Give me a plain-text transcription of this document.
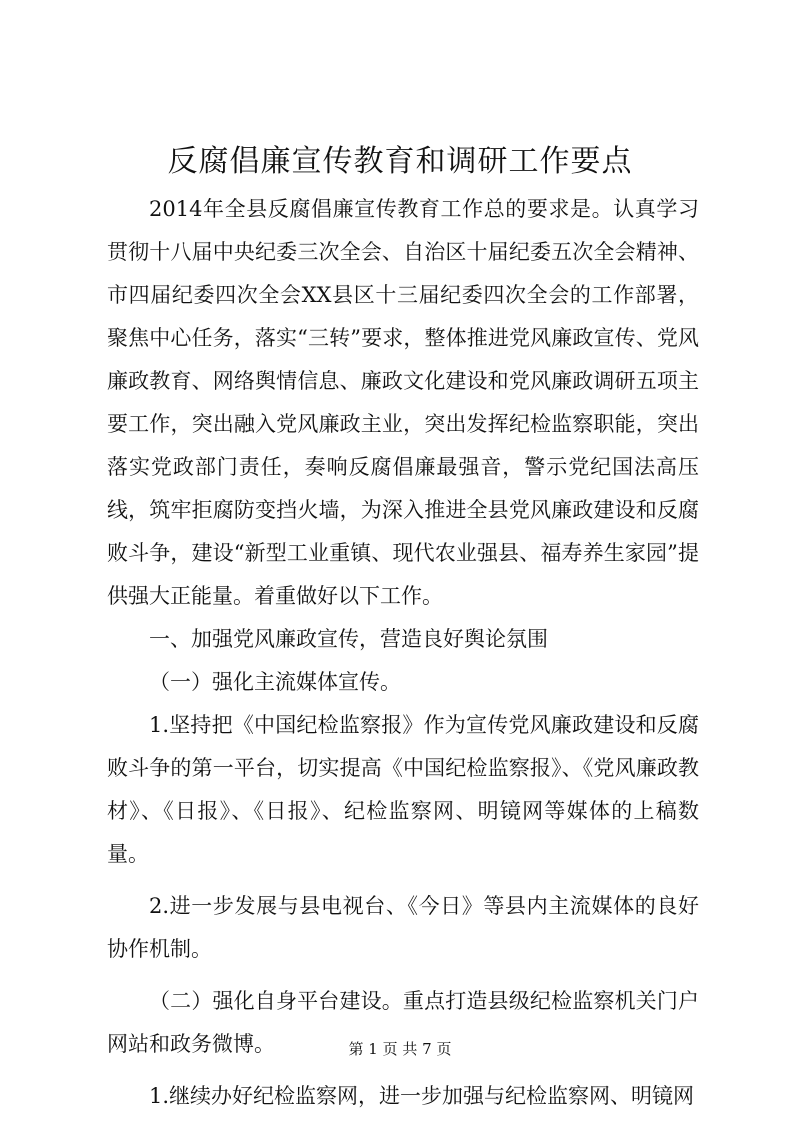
反腐倡廉宣传教育和调研工作要点

2014年全县反腐倡廉宣传教育工作总的要求是。认真学习贯彻十八届中央纪委三次全会、自治区十届纪委五次全会精神、市四届纪委四次全会XX县区十三届纪委四次全会的工作部署，聚焦中心任务，落实“三转”要求，整体推进党风廉政宣传、党风廉政教育、网络舆情信息、廉政文化建设和党风廉政调研五项主要工作，突出融入党风廉政主业，突出发挥纪检监察职能，突出落实党政部门责任，奏响反腐倡廉最强音，警示党纪国法高压线，筑牢拒腐防变挡火墙，为深入推进全县党风廉政建设和反腐败斗争，建设“新型工业重镇、现代农业强县、福寿养生家园”提供强大正能量。着重做好以下工作。

一、加强党风廉政宣传，营造良好舆论氛围

（一）强化主流媒体宣传。

1.坚持把《中国纪检监察报》作为宣传党风廉政建设和反腐败斗争的第一平台，切实提高《中国纪检监察报》、《党风廉政教材》、《日报》、《日报》、纪检监察网、明镜网等媒体的上稿数量。

2.进一步发展与县电视台、《今日》等县内主流媒体的良好协作机制。

（二）强化自身平台建设。重点打造县级纪检监察机关门户网站和政务微博。

1.继续办好纪检监察网，进一步加强与纪检监察网、明镜网

第 1 页 共 7 页
